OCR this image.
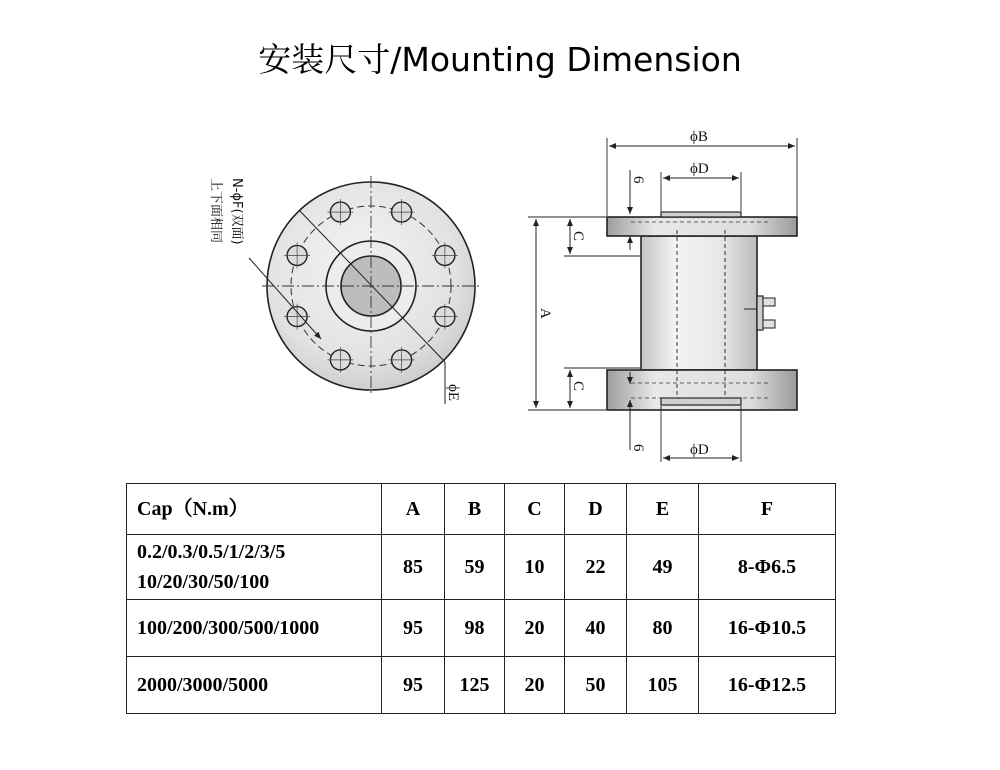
安装尺寸/Mounting Dimension
N-ϕF(双面)
上下面相同
ϕE
ϕB
ϕD
ϕD
A
C
C
6
6
Cap（N.m）	A	B	C	D	E	F

0.2/0.3/0.5/1/2/3/5
10/20/30/50/100	85	59	10	22	49	8-Φ6.5

100/200/300/500/1000	95	98	20	40	80	16-Φ10.5

2000/3000/5000	95	125	20	50	105	16-Φ12.5
